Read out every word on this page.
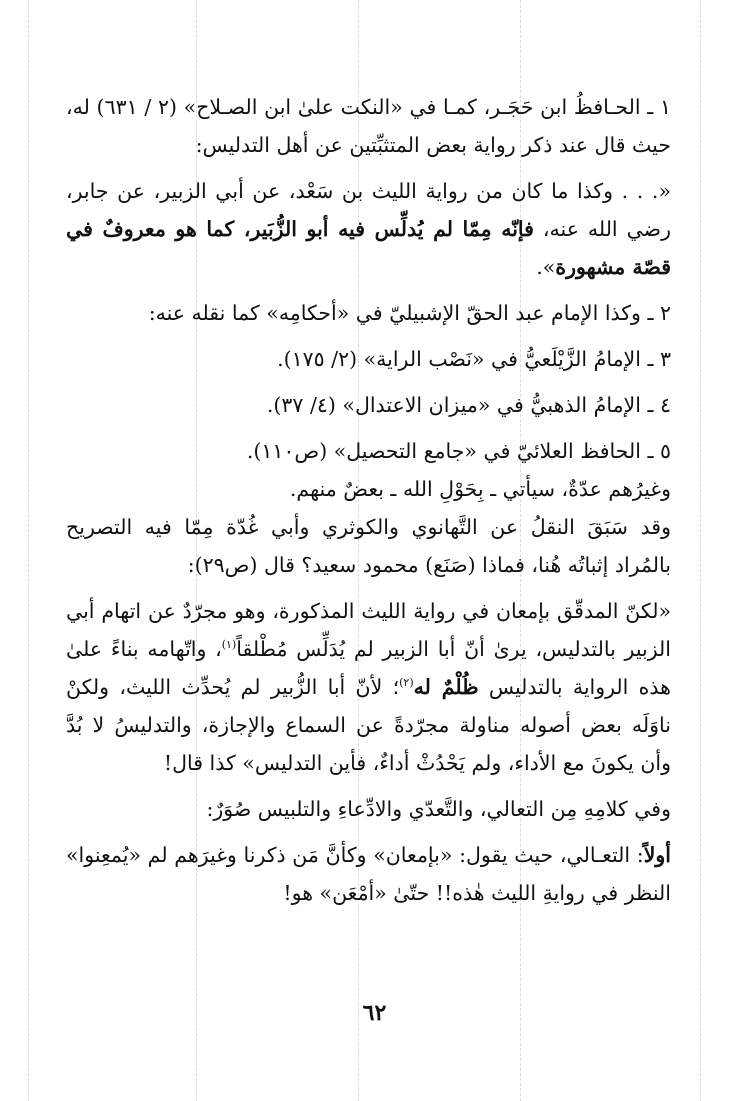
١ ـ الحـافظُ ابن حَجَـر، كمـا في «النكت علىٰ ابن الصـلاح» (٢ / ٦٣١) له، حيث قال عند ذكر رواية بعض المتثبِّتين عن أهل التدليس:

«. . . وكذا ما كان من رواية الليث بن سَعْد، عن أبي الزبير، عن جابر، رضي الله عنه، فإنّه مِمّا لم يُدلِّس فيه أبو الزُّبَير، كما هو معروفٌ في قصّة مشهورة».

٢ ـ وكذا الإمام عبد الحقّ الإشبيليّ في «أحكامِه» كما نقله عنه:

٣ ـ الإمامُ الزَّيْلَعيُّ في «نَصْب الراية» (٢/ ١٧٥).

٤ ـ الإمامُ الذهبيُّ في «ميزان الاعتدال» (٤/ ٣٧).

٥ ـ الحافظ العلائيّ في «جامع التحصيل» (ص١١٠).

وغيرُهم عدّةٌ، سيأتي ـ بِحَوْلِ الله ـ بعضٌ منهم.

وقد سَبَقَ النقلُ عن التَّهانوي والكوثري وأبي غُدّة مِمّا فيه التصريح بالمُراد إثباتُه هُنا، فماذا (صَنَع) محمود سعيد؟ قال (ص٢٩):

«لكنّ المدقّق بإمعان في رواية الليث المذكورة، وهو مجرّدٌ عن اتهام أبي الزبير بالتدليس، يرىٰ أنّ أبا الزبير لم يُدَلِّس مُطْلقاً$^{(١)}$، واتّهامه بناءً علىٰ هذه الرواية بالتدليس ظُلْمٌ له$^{(٢)}$؛ لأنّ أبا الزُّبير لم يُحدِّث الليث، ولكنْ ناوَلَه بعض أصوله مناولة مجرّدةً عن السماع والإجازة، والتدليسُ لا بُدَّ وأن يكونَ مع الأداء، ولم يَحْدُثْ أداءٌ، فأين التدليس» كذا قال!

وفي كلامِهِ مِن التعالي، والتَّعدّي والادِّعاءِ والتلبيس صُوَرٌ:

أولاً: التعـالي، حيث يقول: «بإمعان» وكأنَّ مَن ذكرنا وغيرَهم لم «يُمعِنوا» النظر في روايةِ الليث هٰذه!! حتّىٰ «أمْعَن» هو!

٦٢
